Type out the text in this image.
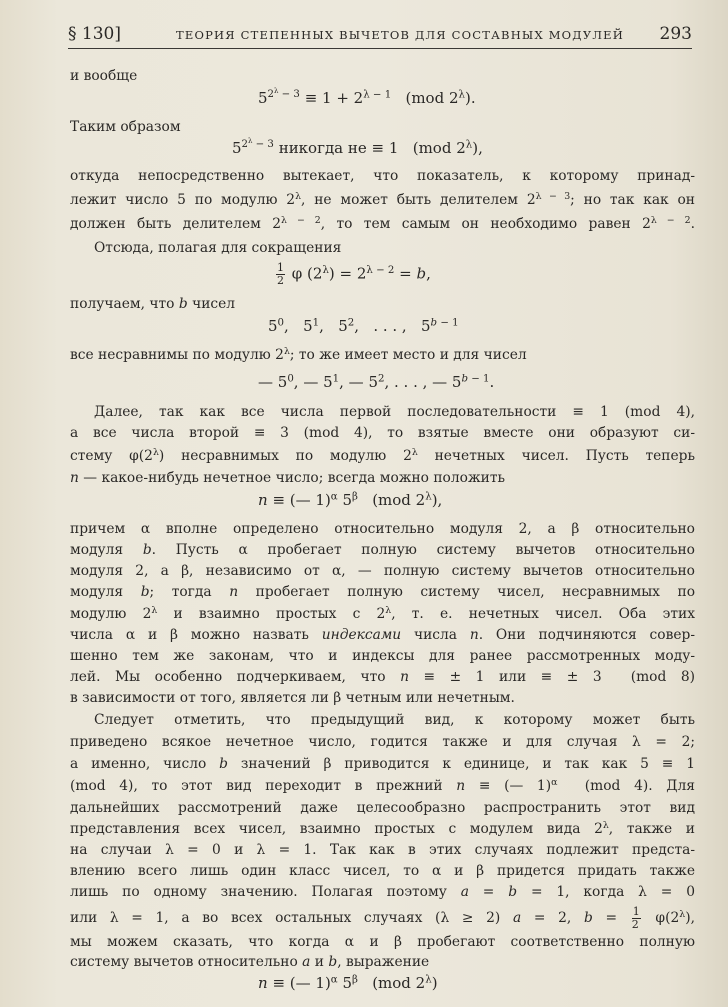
§ 130]	ТЕОРИЯ СТЕПЕННЫХ ВЫЧЕТОВ ДЛЯ СОСТАВНЫХ МОДУЛЕЙ 293
и вообще
$5^{2^\lambda - 3} \equiv 1 + 2^{\lambda - 1}$   (mod $2^\lambda$).
Таким образом
$5^{2^\lambda - 3}$ никогда не ≡ 1   (mod $2^\lambda$),
откуда непосредственно вытекает, что показатель, к которому принад-
лежит число 5 по модулю $2^\lambda$, не может быть делителем $2^{\lambda - 3}$; но так как он
должен быть делителем $2^{\lambda - 2}$, то тем самым он необходимо равен $2^{\lambda - 2}$.
Отсюда, полагая для сокращения
$\frac{1}{2}$ φ $(2^\lambda) = 2^{\lambda - 2} = b$,
получаем, что b чисел
$5^0$,   $5^1$,   $5^2$,   . . . ,   $5^{b - 1}$
все несравнимы по модулю $2^\lambda$; то же имеет место и для чисел
— $5^0$, — $5^1$, — $5^2$, . . . , — $5^{b - 1}$.
Далее, так как все числа первой последовательности ≡ 1 (mod 4),
а все числа второй ≡ 3 (mod 4), то взятые вместе они образуют си-
стему $\varphi(2^\lambda)$ несравнимых по модулю $2^\lambda$ нечетных чисел. Пусть теперь
n — какое-нибудь нечетное число; всегда можно положить
n ≡ (— 1)$^\alpha$ $5^\beta$   (mod $2^\lambda$),
причем α вполне определено относительно модуля 2, а β относительно
модуля b. Пусть α пробегает полную систему вычетов относительно
модуля 2, а β, независимо от α, — полную систему вычетов относительно
модуля b; тогда n пробегает полную систему чисел, несравнимых по
модулю $2^\lambda$ и взаимно простых с $2^\lambda$, т. е. нечетных чисел. Оба этих
числа α и β можно назвать индексами числа n. Они подчиняются совер-
шенно тем же законам, что и индексы для ранее рассмотренных моду-
лей. Мы особенно подчеркиваем, что n ≡ ± 1 или ≡ ± 3  (mod 8)
в зависимости от того, является ли β четным или нечетным.
Следует отметить, что предыдущий вид, к которому может быть
приведено всякое нечетное число, годится также и для случая λ = 2;
а именно, число b значений β приводится к единице, и так как 5 ≡ 1
(mod 4), то этот вид переходит в прежний n ≡ (— 1)$^\alpha$  (mod 4). Для
дальнейших рассмотрений даже целесообразно распространить этот вид
представления всех чисел, взаимно простых с модулем вида $2^\lambda$, также и
на случаи λ = 0 и λ = 1. Так как в этих случаях подлежит предста-
влению всего лишь один класс чисел, то α и β придется придать также
лишь по одному значению. Полагая поэтому a = b = 1, когда λ = 0
или λ = 1, а во всех остальных случаях (λ ≥ 2) a = 2, $b = \frac{1}{2} \varphi(2^\lambda)$,
мы можем сказать, что когда α и β пробегают соответственно полную
систему вычетов относительно a и b, выражение
n ≡ (— 1)$^\alpha$ $5^\beta$   (mod $2^\lambda$)
